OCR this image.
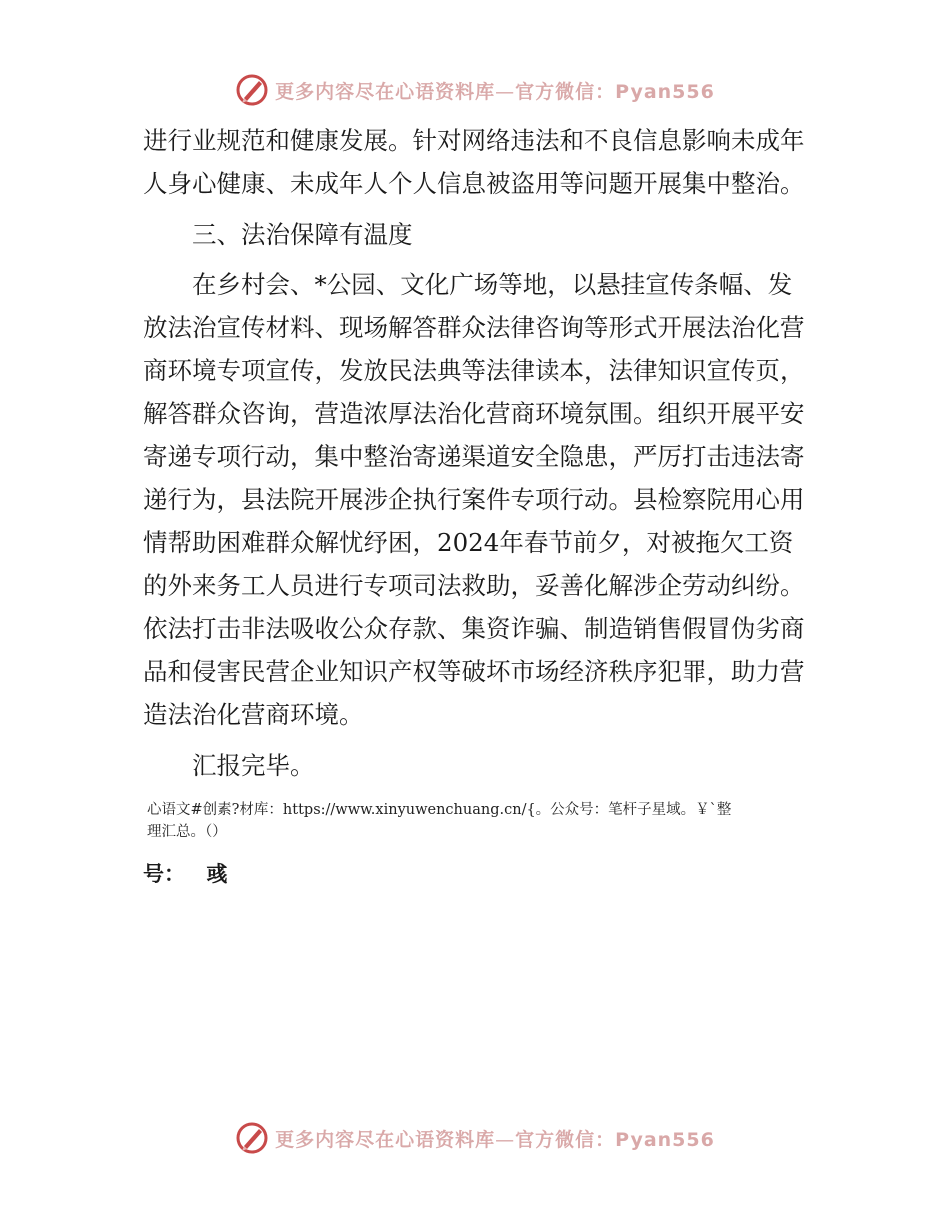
更多内容尽在心语资料库—官方微信：Pyan556
进行业规范和健康发展。针对网络违法和不良信息影响未成年
人身心健康、未成年人个人信息被盗用等问题开展集中整治。
三、法治保障有温度
在乡村会、*公园、文化广场等地，以悬挂宣传条幅、发
放法治宣传材料、现场解答群众法律咨询等形式开展法治化营
商环境专项宣传，发放民法典等法律读本，法律知识宣传页，
解答群众咨询，营造浓厚法治化营商环境氛围。组织开展平安
寄递专项行动，集中整治寄递渠道安全隐患，严厉打击违法寄
递行为，县法院开展涉企执行案件专项行动。县检察院用心用
情帮助困难群众解忧纾困，2024年春节前夕，对被拖欠工资
的外来务工人员进行专项司法救助，妥善化解涉企劳动纠纷。
依法打击非法吸收公众存款、集资诈骗、制造销售假冒伪劣商
品和侵害民营企业知识产权等破坏市场经济秩序犯罪，助力营
造法治化营商环境。
汇报完毕。
心语文#创素?材库：https://www.xinyuwenchuang.cn/{。公众号：笔杆子星域。￥`整
理汇总。（）
号： 彧
更多内容尽在心语资料库—官方微信：Pyan556
